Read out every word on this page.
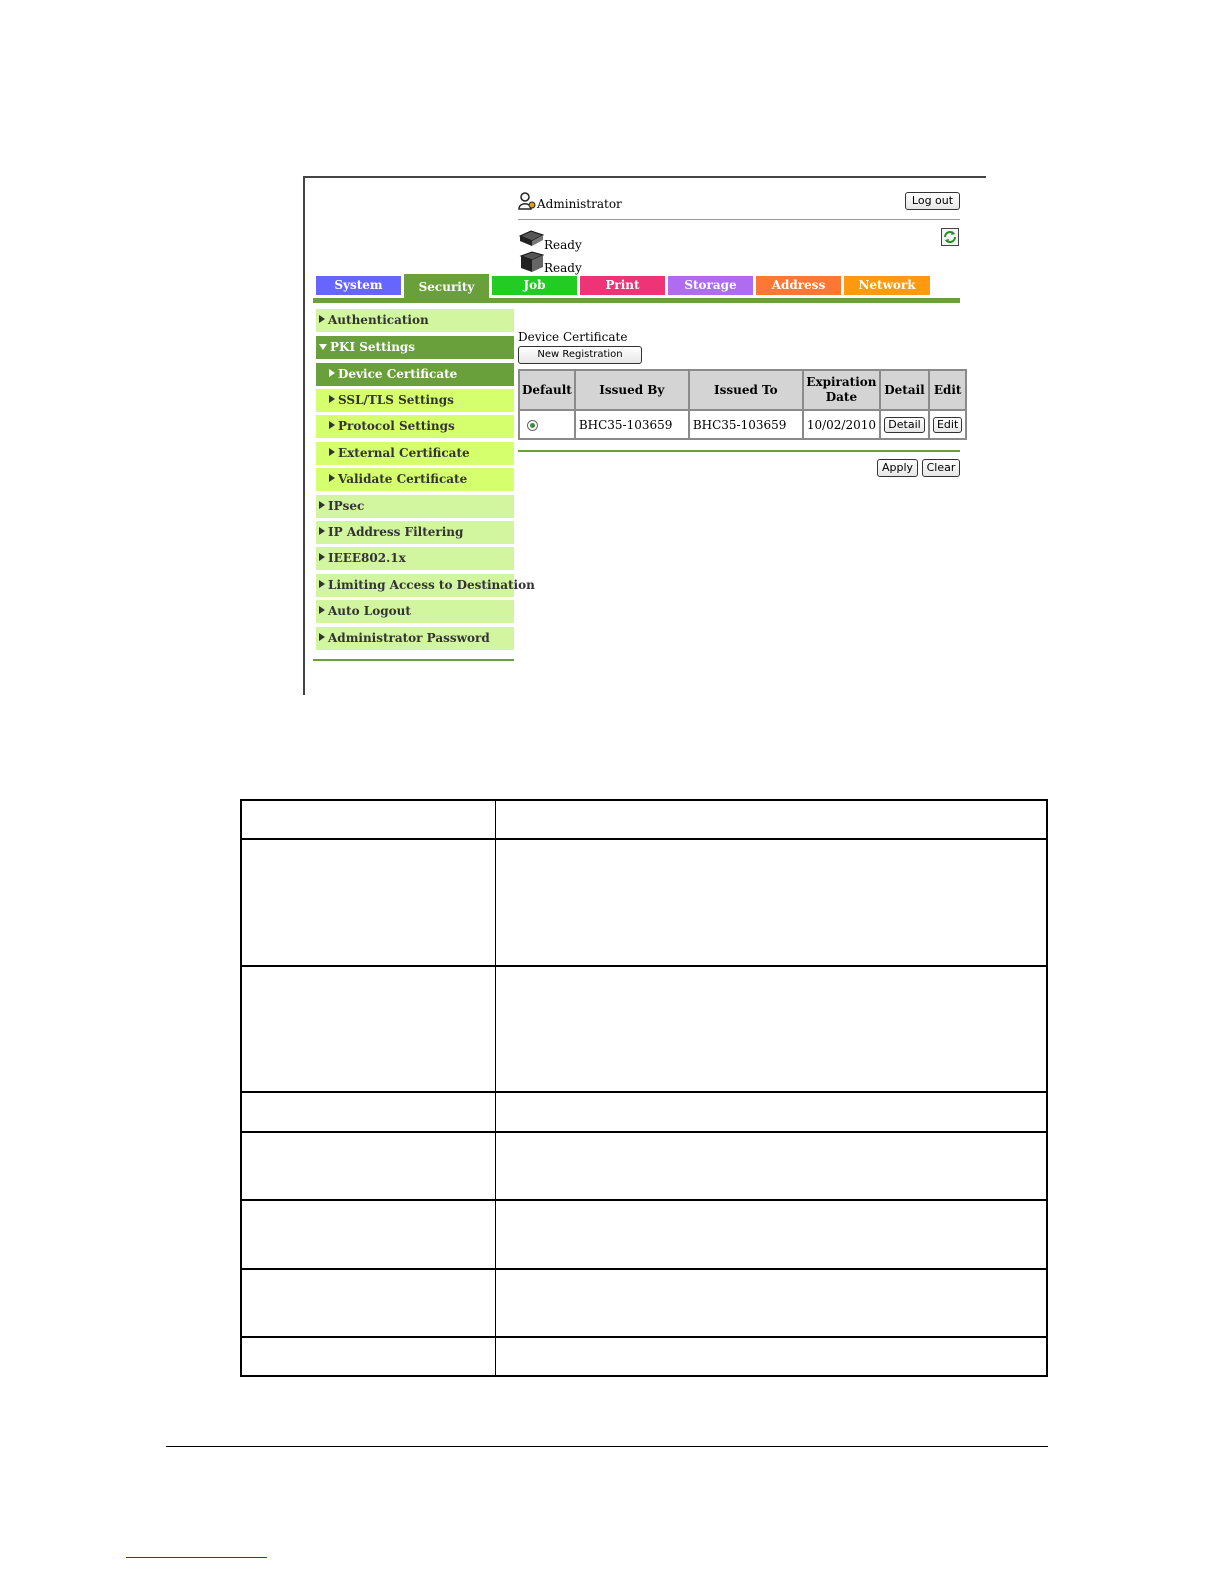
Administrator	Log out
Ready
Ready
System	Security	Job	Print	Storage	Address	Network
Authentication
PKI Settings
Device Certificate
SSL/TLS Settings
Protocol Settings
External Certificate
Validate Certificate
IPsec
IP Address Filtering
IEEE802.1x
Limiting Access to Destination
Auto Logout
Administrator Password
Device Certificate
New Registration
Default	Issued By	Issued To	Expiration Date	Detail	Edit
	BHC35-103659	BHC35-103659	10/02/2010	Detail	Edit
Apply	Clear
